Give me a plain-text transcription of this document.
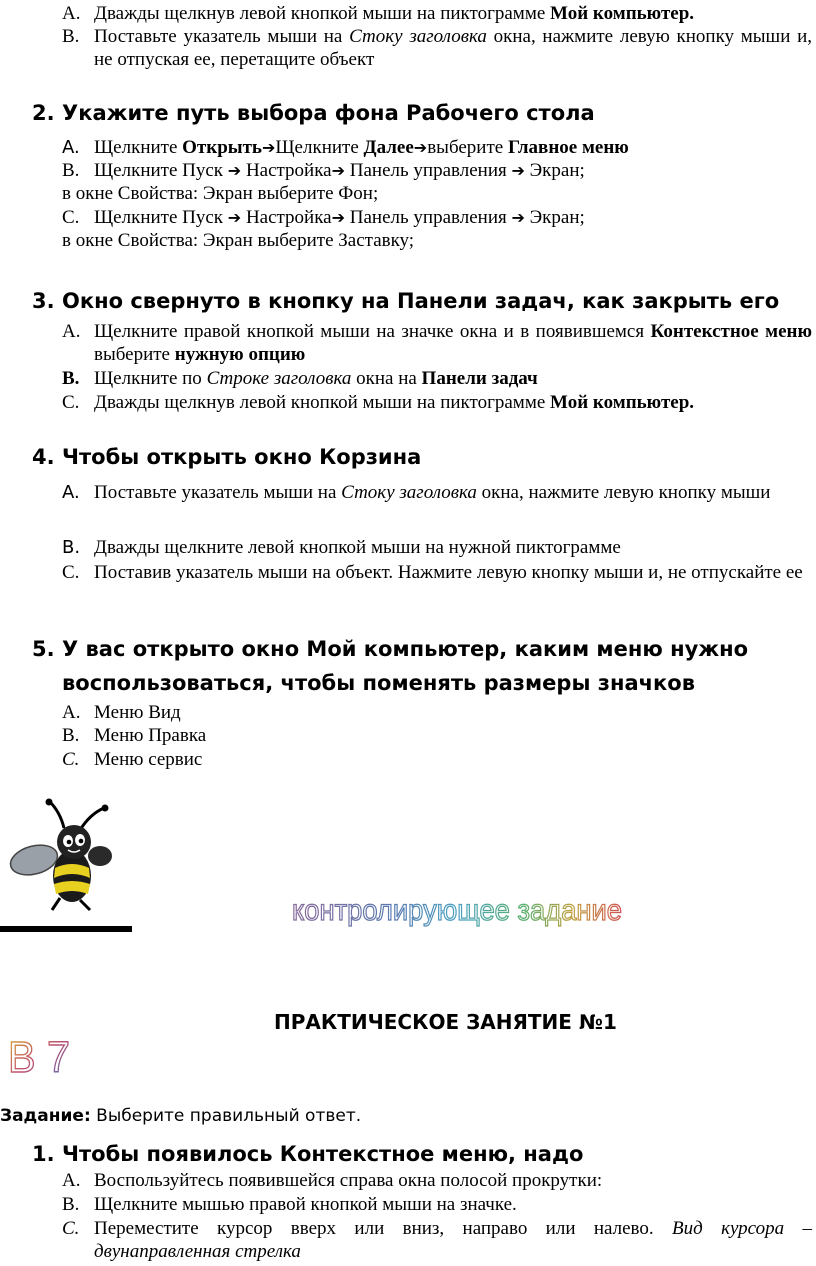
A. Дважды щелкнув левой кнопкой мыши на пиктограмме Мой компьютер.
B. Поставьте указатель мыши на Стоку заголовка окна, нажмите левую кнопку мыши и, не отпуская ее, перетащите объект
2. Укажите путь выбора фона Рабочего стола
A. Щелкните Открыть➔Щелкните Далее➔выберите Главное меню
B. Щелкните Пуск ➔ Настройка➔ Панель управления ➔ Экран;
в окне Свойства: Экран выберите Фон;
C. Щелкните Пуск ➔ Настройка➔ Панель управления ➔ Экран;
в окне Свойства: Экран выберите Заставку;
3. Окно свернуто в кнопку на Панели задач, как закрыть его
A. Щелкните правой кнопкой мыши на значке окна и в появившемся Контекстное меню выберите нужную опцию
B. Щелкните по Строке заголовка окна на Панели задач
C. Дважды щелкнув левой кнопкой мыши на пиктограмме Мой компьютер.
4. Чтобы открыть окно Корзина
A. Поставьте указатель мыши на Стоку заголовка окна, нажмите левую кнопку мыши
B. Дважды щелкните левой кнопкой мыши на нужной пиктограмме
C. Поставив указатель мыши на объект. Нажмите левую кнопку мыши и, не отпускайте ее
5. У вас открыто окно Мой компьютер, каким меню нужно
воспользоваться, чтобы поменять размеры значков
A. Меню Вид
B. Меню Правка
C. Меню сервис
контролирующее задание
ПРАКТИЧЕСКОЕ ЗАНЯТИЕ №1
В 7
Задание: Выберите правильный ответ.
1. Чтобы появилось Контекстное меню, надо
A. Воспользуйтесь появившейся справа окна полосой прокрутки:
B. Щелкните мышью правой кнопкой мыши на значке.
C. Переместите курсор вверх или вниз, направо или налево. Вид курсора – двунаправленная стрелка
